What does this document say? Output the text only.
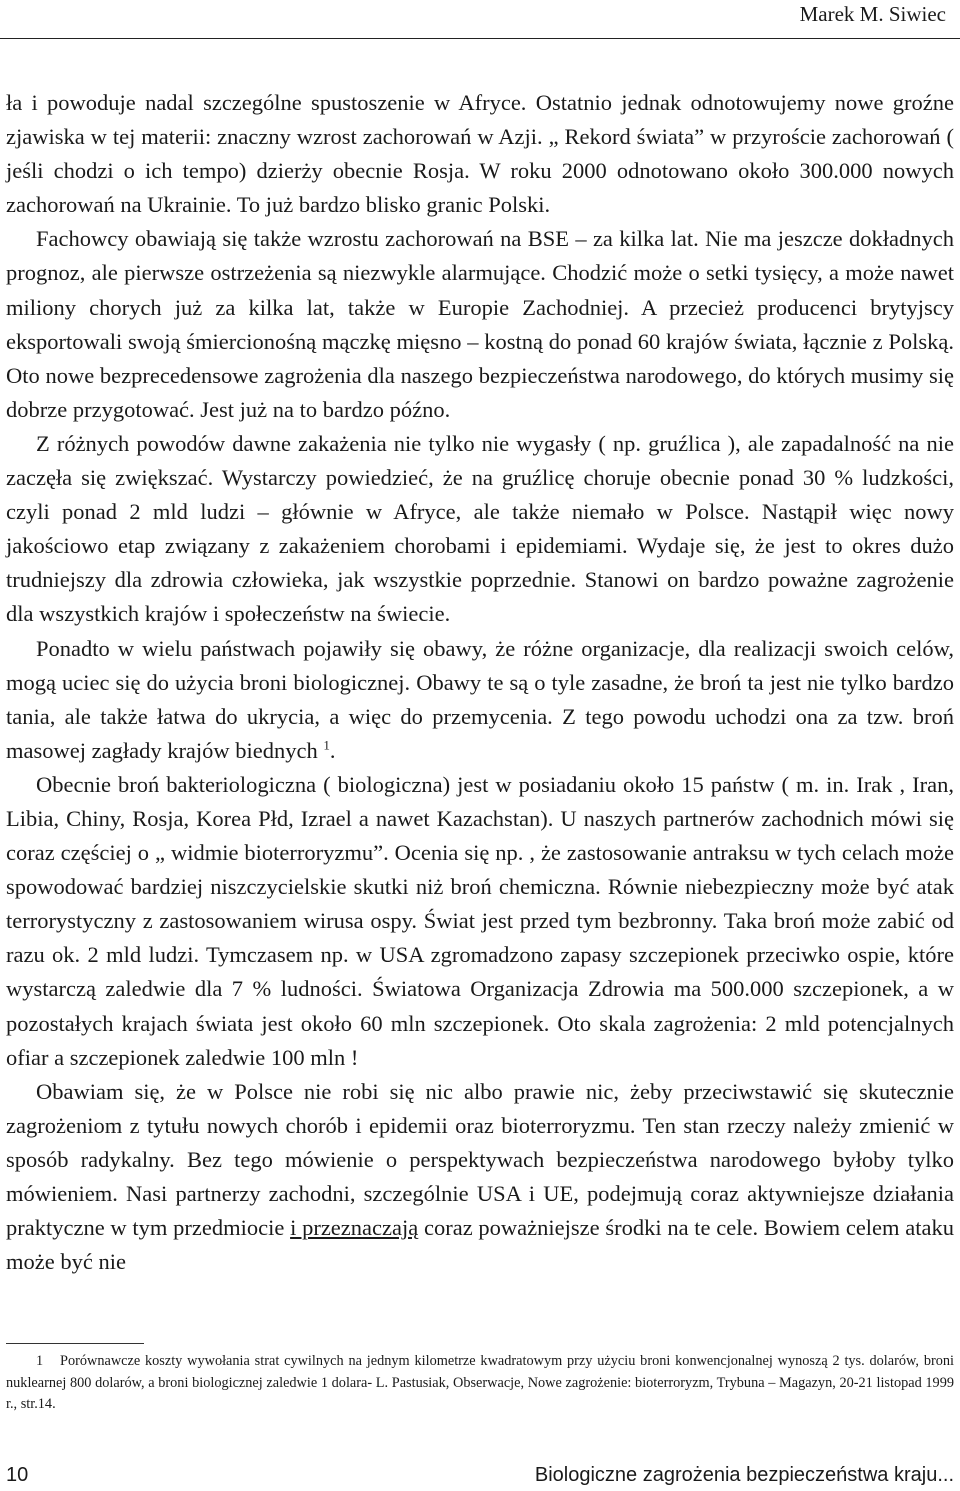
Marek M. Siwiec

ła i powoduje nadal szczególne spustoszenie w Afryce. Ostatnio jednak odnotowujemy nowe groźne zjawiska w tej materii: znaczny wzrost zachorowań w Azji. „ Rekord świata” w przyroście zachorowań ( jeśli chodzi o ich tempo) dzierży obecnie Rosja. W roku 2000 odnotowano około 300.000 nowych zachorowań na Ukrainie. To już bardzo blisko granic Polski.

Fachowcy obawiają się także wzrostu zachorowań na BSE – za kilka lat. Nie ma jeszcze dokładnych prognoz, ale pierwsze ostrzeżenia są niezwykle alarmujące. Chodzić może o setki tysięcy, a może nawet miliony chorych już za kilka lat, także w Europie Zachodniej. A przecież producenci brytyjscy eksportowali swoją śmiercionośną mączkę mięsno – kostną do ponad 60 krajów świata, łącznie z Polską. Oto nowe bezprecedensowe zagrożenia dla naszego bezpieczeństwa narodowego, do których musimy się dobrze przygotować. Jest już na to bardzo późno.

Z różnych powodów dawne zakażenia nie tylko nie wygasły ( np. gruźlica ), ale zapadalność na nie zaczęła się zwiększać. Wystarczy powiedzieć, że na gruźlicę choruje obecnie ponad 30 % ludzkości, czyli ponad 2 mld ludzi – głównie w Afryce, ale także niemało w Polsce. Nastąpił więc nowy jakościowo etap związany z zakażeniem chorobami i epidemiami. Wydaje się, że jest to okres dużo trudniejszy dla zdrowia człowieka, jak wszystkie poprzednie. Stanowi on bardzo poważne zagrożenie dla wszystkich krajów i społeczeństw na świecie.

Ponadto w wielu państwach pojawiły się obawy, że różne organizacje, dla realizacji swoich celów, mogą uciec się do użycia broni biologicznej. Obawy te są o tyle zasadne, że broń ta jest nie tylko bardzo tania, ale także łatwa do ukrycia, a więc do przemycenia. Z tego powodu uchodzi ona za tzw. broń masowej zagłady krajów biednych $^1$.

Obecnie broń bakteriologiczna ( biologiczna) jest w posiadaniu około 15 państw ( m. in. Irak , Iran, Libia, Chiny, Rosja, Korea Płd, Izrael a nawet Kazachstan). U naszych partnerów zachodnich mówi się coraz częściej o „ widmie bioterroryzmu”. Ocenia się np. , że zastosowanie antraksu w tych celach może spowodować bardziej niszczycielskie skutki niż broń chemiczna. Równie niebezpieczny może być atak terrorystyczny z zastosowaniem wirusa ospy. Świat jest przed tym bezbronny. Taka broń może zabić od razu ok. 2 mld ludzi. Tymczasem np. w USA zgromadzono zapasy szczepionek przeciwko ospie, które wystarczą zaledwie dla 7 % ludności. Światowa Organizacja Zdrowia ma 500.000 szczepionek, a w pozostałych krajach świata jest około 60 mln szczepionek. Oto skala zagrożenia: 2 mld potencjalnych ofiar a szczepionek zaledwie 100 mln !

Obawiam się, że w Polsce nie robi się nic albo prawie nic, żeby przeciwstawić się skutecznie zagrożeniom z tytułu nowych chorób i epidemii oraz bioterroryzmu. Ten stan rzeczy należy zmienić w sposób radykalny. Bez tego mówienie o perspektywach bezpieczeństwa narodowego byłoby tylko mówieniem. Nasi partnerzy zachodni, szczególnie USA i UE, podejmują coraz aktywniejsze działania praktyczne w tym przedmiocie i przeznaczają coraz poważniejsze środki na te cele. Bowiem celem ataku może być nie

1 Porównawcze koszty wywołania strat cywilnych na jednym kilometrze kwadratowym przy użyciu broni konwencjonalnej wynoszą 2 tys. dolarów, broni nuklearnej 800 dolarów, a broni biologicznej zaledwie 1 dolara- L. Pastusiak, Obserwacje, Nowe zagrożenie: bioterroryzm, Trybuna – Magazyn, 20-21 listopad 1999 r., str.14.
10	Biologiczne zagrożenia bezpieczeństwa kraju...
